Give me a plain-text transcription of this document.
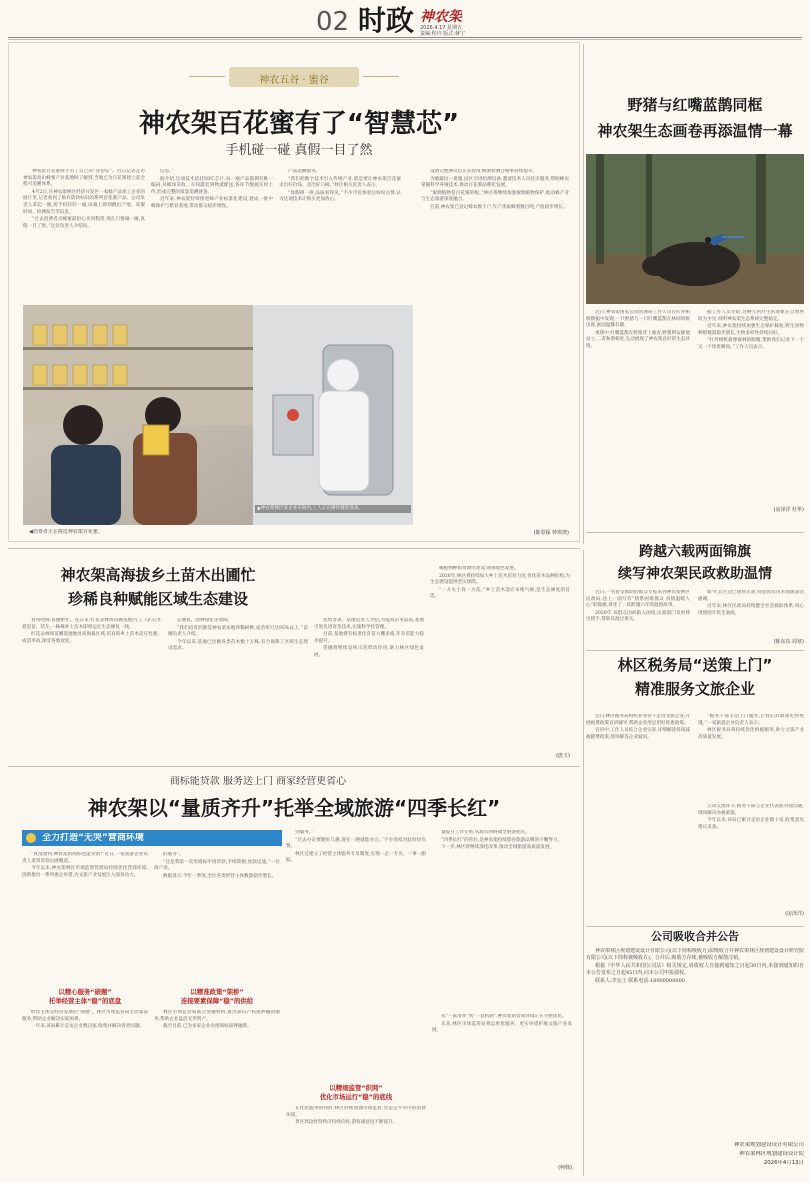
02 时政 神农架
2026.4.17 星期五
责编:程玲 版式:蒋宁
神农五谷 · 蜜谷
神农架百花蜜有了“智慧芯”
手机碰一碰 真假一目了然

神农架百花蜜终于有了自己的“身份证”。近日记者走访神农架高山蜂蜜产业基地时了解到,当地已为百花蜜建立起全程可追溯体系。

4月2日,在神农架林区经济开发区一家蜂产品加工企业的展厅里,记者看到了贴有防伪标识的系列百花蜜产品。公司负责人拿起一瓶,用手机轻轻一碰,屏幕上即刻跳出产地、采蜜时间、检测报告等信息。

“过去消费者买蜂蜜最担心买到假货,现在只要碰一碰,真假一目了然。”这位负责人介绍说。

信息。”

据介绍,这项技术依托NFC芯片,每一瓶产品都拥有唯一编码,从蜂场采收、车间灌装到物流配送,各环节数据实时上传,形成完整的质量追溯链条。

近年来,神农架持续推进蜂产业标准化建设,建成一批中蜂保护与繁育基地,带动群众稳步增收。

产品追溯服务。

“我们把数字技术引入传统产业,就是要让神农架百花蜜卖出好价钱、卖出好口碑。”林区相关负责人表示。

“真假辨一辨,品质看得见。”不少市民体验后纷纷点赞,认为这项技术让购买更加放心。

设备完整测试后正式投用,蜂蜜检测合格率持续提升。

为破解这一难题,园区引进检测设备,邀请技术人员驻点服务,帮助蜂农掌握科学养殖技术,推动百花蜜品牌化发展。

“蜜源植物是百花蜜的根。”林区将继续加强蜜源植物保护,推动蜂产业与生态旅游深度融合。

目前,神农架已登记蜂农数千户,年产优质蜂蜜数百吨,产值稳步增长。

▲神农架林区某企业车间内,工人正在操作灌装设备。
◀消费者正在挑选神农架百花蜜。	(陈春保 钟琪瑛)
野猪与红嘴蓝鹊同框
神农架生态画卷再添温情一幕

近日,神农架国家公园管理局工作人员在红外相机数据中发现,一只野猪与一只红嘴蓝鹊在林间同框出现,画面温馨有趣。

视频中,红嘴蓝鹊在野猪背上啄食,野猪则安静地站立,二者和谐相处,生动展现了神农架良好的生态环境。

据工作人员介绍,这种互利共生的现象在自然界较为少见,说明神农架生态系统完整稳定。

近年来,神农架持续加强生态保护修复,野生动物种群数量稳步增长,生物多样性持续向好。

“红外相机就像森林的眼睛,帮助我们记录下一个又一个珍贵瞬间。”工作人员表示。

(房泽洋 杜华)
神农架高海拔乡土苗木出圃忙
珍稀良种赋能区域生态建设

春风吹拂,苗圃繁忙。连日来,红花朵林场苗圃基地内,工人们正忙着起苗、装车,一株株乡土苗木即将运往生态修复一线。

红花朵林场苗圃基地地处高海拔区域,培育的乡土苗木适应性强、成活率高,深受各地欢迎。

态修复、园林绿化等领域。

“我们培育的都是神农架本地珍稀树种,成活率可达95%以上。”苗圃负责人介绍。

今年以来,基地已出圃各类苗木数十万株,有力保障了区域生态建设需求。

优势显著。基地负责人介绍,为提高苗木品质,基地引进先进育苗技术,实施科学化管理。

目前,基地建有标准化育苗大棚多座,年育苗能力稳步提升。

苗圃将继续发挥示范带动作用,助力林区绿色发展。

稀植物种质资源库建设,助推绿色发展。

2026年,林区将持续加大乡土苗木培育力度,优化苗木品种结构,为生态建设提供坚实保障。

“一方水土育一方苗。”乡土苗木适应本地气候,是生态修复的首选。

(唐玉)
跨越六载两面锦旗
续写神农架民政救助温情

近日,一名曾受救助的群众专程来到神农架林区民政局,送上一面写有“情系困难群众 真情温暖人心”的锦旗,讲述了一段跨越六年的温情故事。

2020年,该群众因病陷入困境,民政部门及时伸出援手,帮助其渡过难关。

如今,其生活已重回正轨,特意再次送来锦旗表达感谢。

近年来,林区民政局持续健全社会救助体系,用心用情兜牢民生底线。

(陈东东 周寒)
林区税务局“送策上门”
精准服务文旅企业

近日,林区税务局组织业务骨干走进文旅企业,开展税费政策宣讲辅导,帮助企业用足用好优惠政策。

宣讲中,工作人员结合企业实际,详细解读各项减税降费政策,现场解答企业疑问。

“税务干部主动上门服务,让我们对政策吃得更透。”一家旅游企业负责人表示。

林区税务局将持续优化纳税服务,助力文旅产业高质量发展。

互动交流环节,税务干部与企业代表面对面沟通,现场解决办税难题。

今年以来,该局已累计走访企业数十家,收集意见建议多条。

(房泽洋)
商标能贷款 服务送上门 商家经营更省心
神农架以“量质齐升”托举全域旅游“四季长红”
全力打造“无哭”营商环境

“真没想到,神农架的商标也能贷款!”近日,一家旅游企业负责人拿到贷款后感慨道。

今年以来,神农架林区市场监督管理局持续优化营商环境,创新推出一系列惠企举措,为文旅产业发展注入强劲动力。

以精心服务“破题”
托举经营主体“稳”的底盘

经营主体是经济发展的“细胞”。林区市场监管局主动靠前服务,帮助企业解决实际困难。

一年来,该局累计走访企业数百家,收集并解决各类问题。

的服务”。

“这是我第一次用商标申请贷款,手续简便,放款迅速。”一位商户说。

数据显示,今年一季度,全区各类经营主体数量稳步增长。

以精准政策“架桥”
连接要素保障“稳”的供给

林区市场监管局联合金融机构,推出知识产权质押融资服务,帮助企业盘活无形资产。

截至目前,已为多家企业办理商标质押融资。

到服务。”

“过去办证要跑好几趟,现在一趟就能办完。”不少商家对此纷纷点赞。

林区还建立了经营主体服务专员制度,实现一企一专员、一事一跟踪。

以精细监管“织网”
优化市场运行“稳”的底线

在优化服务的同时,林区持续加强市场监管,营造公平有序的消费环境。

景区周边经营秩序持续向好,游客满意度不断提升。

量提升工作专班,从源头到终端全链条把关。

“四季长红”的背后,是神农架持续擦亮旅游品牌的不懈努力。

下一步,林区将继续深化改革,推动全域旅游高质量发展。

从“一张清单”到“一套机制”,神农架的营商环境正在不断优化。

未来,林区市场监管局将以更优服务、更实举措护航文旅产业发展。

(柯韩)
公司吸收合并公告

神农架林区规划建设设计有限公司(以下简称吸收方)拟吸收合并神农架林区规划建设设计研究院有限公司(以下简称被吸收方)。合并后,吸收方存续,被吸收方解散注销。

根据《中华人民共和国公司法》相关规定,请债权人自接到通知之日起30日内,未接到通知的自本公告发布之日起45日内,向本公司申报债权。

联系人:李女士 联系电话:18000000000

神农架规划建设设计有限公司
神农架林区规划建设设计院
2026年4月13日
